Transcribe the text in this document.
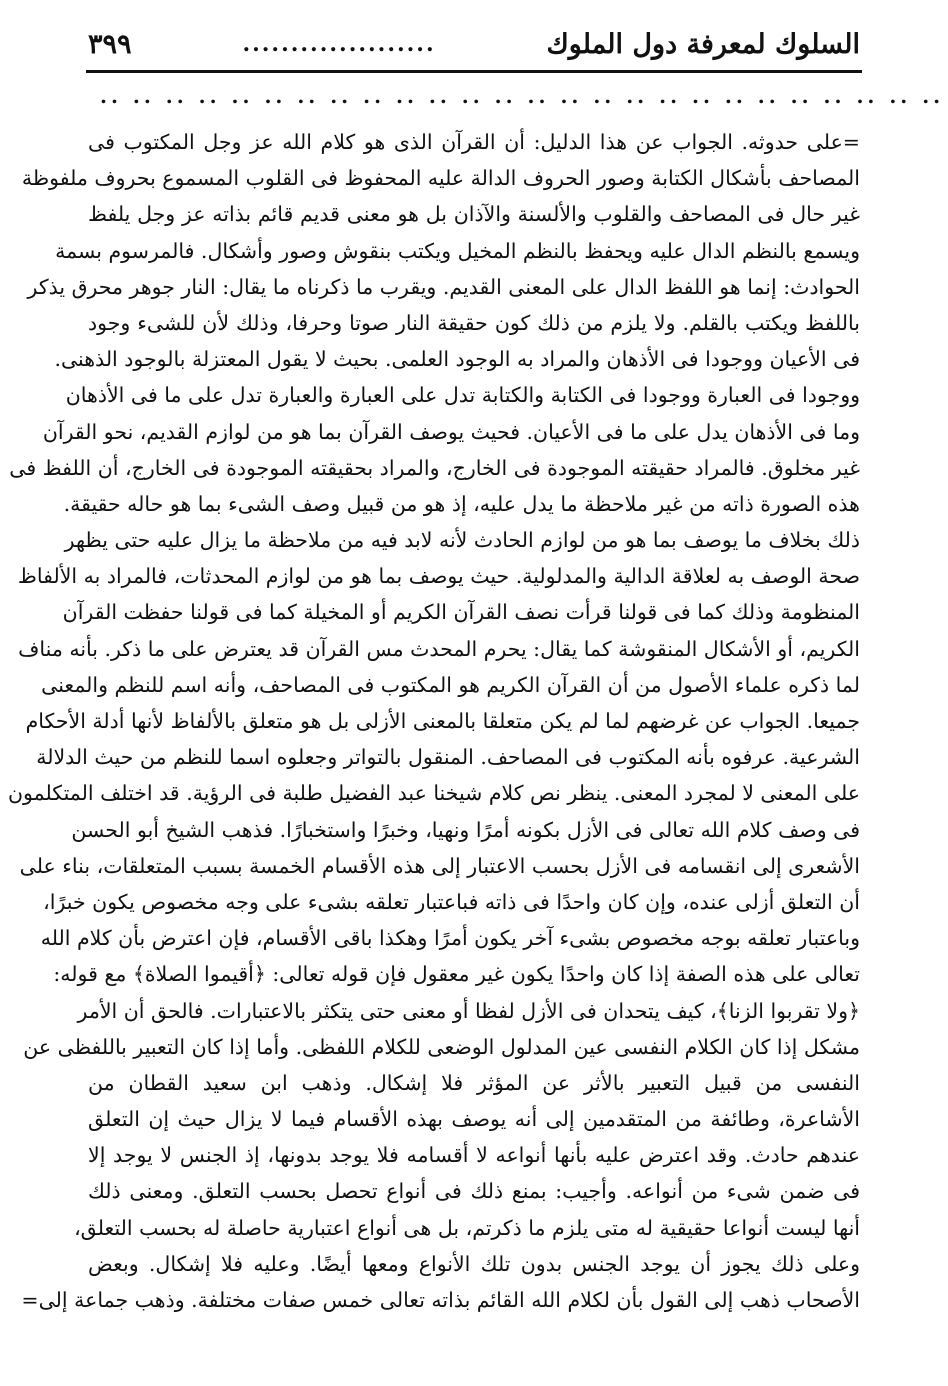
السلوك لمعرفة دول الملوك
....................
٣٩٩
.. .. .. .. .. .. .. .. .. .. .. .. .. .. .. .. .. .. .. .. .. .. .. .. .. ..
=على حدوثه. الجواب عن هذا الدليل: أن القرآن الذى هو كلام الله عز وجل المكتوب فى
المصاحف بأشكال الكتابة وصور الحروف الدالة عليه المحفوظ فى القلوب المسموع بحروف ملفوظة
غير حال فى المصاحف والقلوب والألسنة والآذان بل هو معنى قديم قائم بذاته عز وجل يلفظ
ويسمع بالنظم الدال عليه ويحفظ بالنظم المخيل ويكتب بنقوش وصور وأشكال. فالمرسوم بسمة
الحوادث: إنما هو اللفظ الدال على المعنى القديم. ويقرب ما ذكرناه ما يقال: النار جوهر محرق يذكر
باللفظ ويكتب بالقلم. ولا يلزم من ذلك كون حقيقة النار صوتا وحرفا، وذلك لأن للشىء وجود
فى الأعيان ووجودا فى الأذهان والمراد به الوجود العلمى. بحيث لا يقول المعتزلة بالوجود الذهنى.
ووجودا فى العبارة ووجودا فى الكتابة والكتابة تدل على العبارة والعبارة تدل على ما فى الأذهان
وما فى الأذهان يدل على ما فى الأعيان. فحيث يوصف القرآن بما هو من لوازم القديم، نحو القرآن
غير مخلوق. فالمراد حقيقته الموجودة فى الخارج، والمراد بحقيقته الموجودة فى الخارج، أن اللفظ فى
هذه الصورة ذاته من غير ملاحظة ما يدل عليه، إذ هو من قبيل وصف الشىء بما هو حاله حقيقة.
ذلك بخلاف ما يوصف بما هو من لوازم الحادث لأنه لابد فيه من ملاحظة ما يزال عليه حتى يظهر
صحة الوصف به لعلاقة الدالية والمدلولية. حيث يوصف بما هو من لوازم المحدثات، فالمراد به الألفاظ
المنظومة وذلك كما فى قولنا قرأت نصف القرآن الكريم أو المخيلة كما فى قولنا حفظت القرآن
الكريم، أو الأشكال المنقوشة كما يقال: يحرم المحدث مس القرآن قد يعترض على ما ذكر. بأنه مناف
لما ذكره علماء الأصول من أن القرآن الكريم هو المكتوب فى المصاحف، وأنه اسم للنظم والمعنى
جميعا. الجواب عن غرضهم لما لم يكن متعلقا بالمعنى الأزلى بل هو متعلق بالألفاظ لأنها أدلة الأحكام
الشرعية. عرفوه بأنه المكتوب فى المصاحف. المنقول بالتواتر وجعلوه اسما للنظم من حيث الدلالة
على المعنى لا لمجرد المعنى. ينظر نص كلام شيخنا عبد الفضيل طلبة فى الرؤية. قد اختلف المتكلمون
فى وصف كلام الله تعالى فى الأزل بكونه أمرًا ونهيا، وخبرًا واستخبارًا. فذهب الشيخ أبو الحسن
الأشعرى إلى انقسامه فى الأزل بحسب الاعتبار إلى هذه الأقسام الخمسة بسبب المتعلقات، بناء على
أن التعلق أزلى عنده، وإن كان واحدًا فى ذاته فباعتبار تعلقه بشىء على وجه مخصوص يكون خبرًا،
وباعتبار تعلقه بوجه مخصوص بشىء آخر يكون أمرًا وهكذا باقى الأقسام، فإن اعترض بأن كلام الله
تعالى على هذه الصفة إذا كان واحدًا يكون غير معقول فإن قوله تعالى: ﴿أقيموا الصلاة﴾ مع قوله:
﴿ولا تقربوا الزنا﴾، كيف يتحدان فى الأزل لفظا أو معنى حتى يتكثر بالاعتبارات. فالحق أن الأمر
مشكل إذا كان الكلام النفسى عين المدلول الوضعى للكلام اللفظى. وأما إذا كان التعبير باللفظى عن
النفسى من قبيل التعبير بالأثر عن المؤثر فلا إشكال. وذهب ابن سعيد القطان من
الأشاعرة، وطائفة من المتقدمين إلى أنه يوصف بهذه الأقسام فيما لا يزال حيث إن التعلق
عندهم حادث. وقد اعترض عليه بأنها أنواعه لا أقسامه فلا يوجد بدونها، إذ الجنس لا يوجد إلا
فى ضمن شىء من أنواعه. وأجيب: بمنع ذلك فى أنواع تحصل بحسب التعلق. ومعنى ذلك
أنها ليست أنواعا حقيقية له متى يلزم ما ذكرتم، بل هى أنواع اعتبارية حاصلة له بحسب التعلق،
وعلى ذلك يجوز أن يوجد الجنس بدون تلك الأنواع ومعها أيضًا. وعليه فلا إشكال. وبعض
الأصحاب ذهب إلى القول بأن لكلام الله القائم بذاته تعالى خمس صفات مختلفة. وذهب جماعة إلى=
